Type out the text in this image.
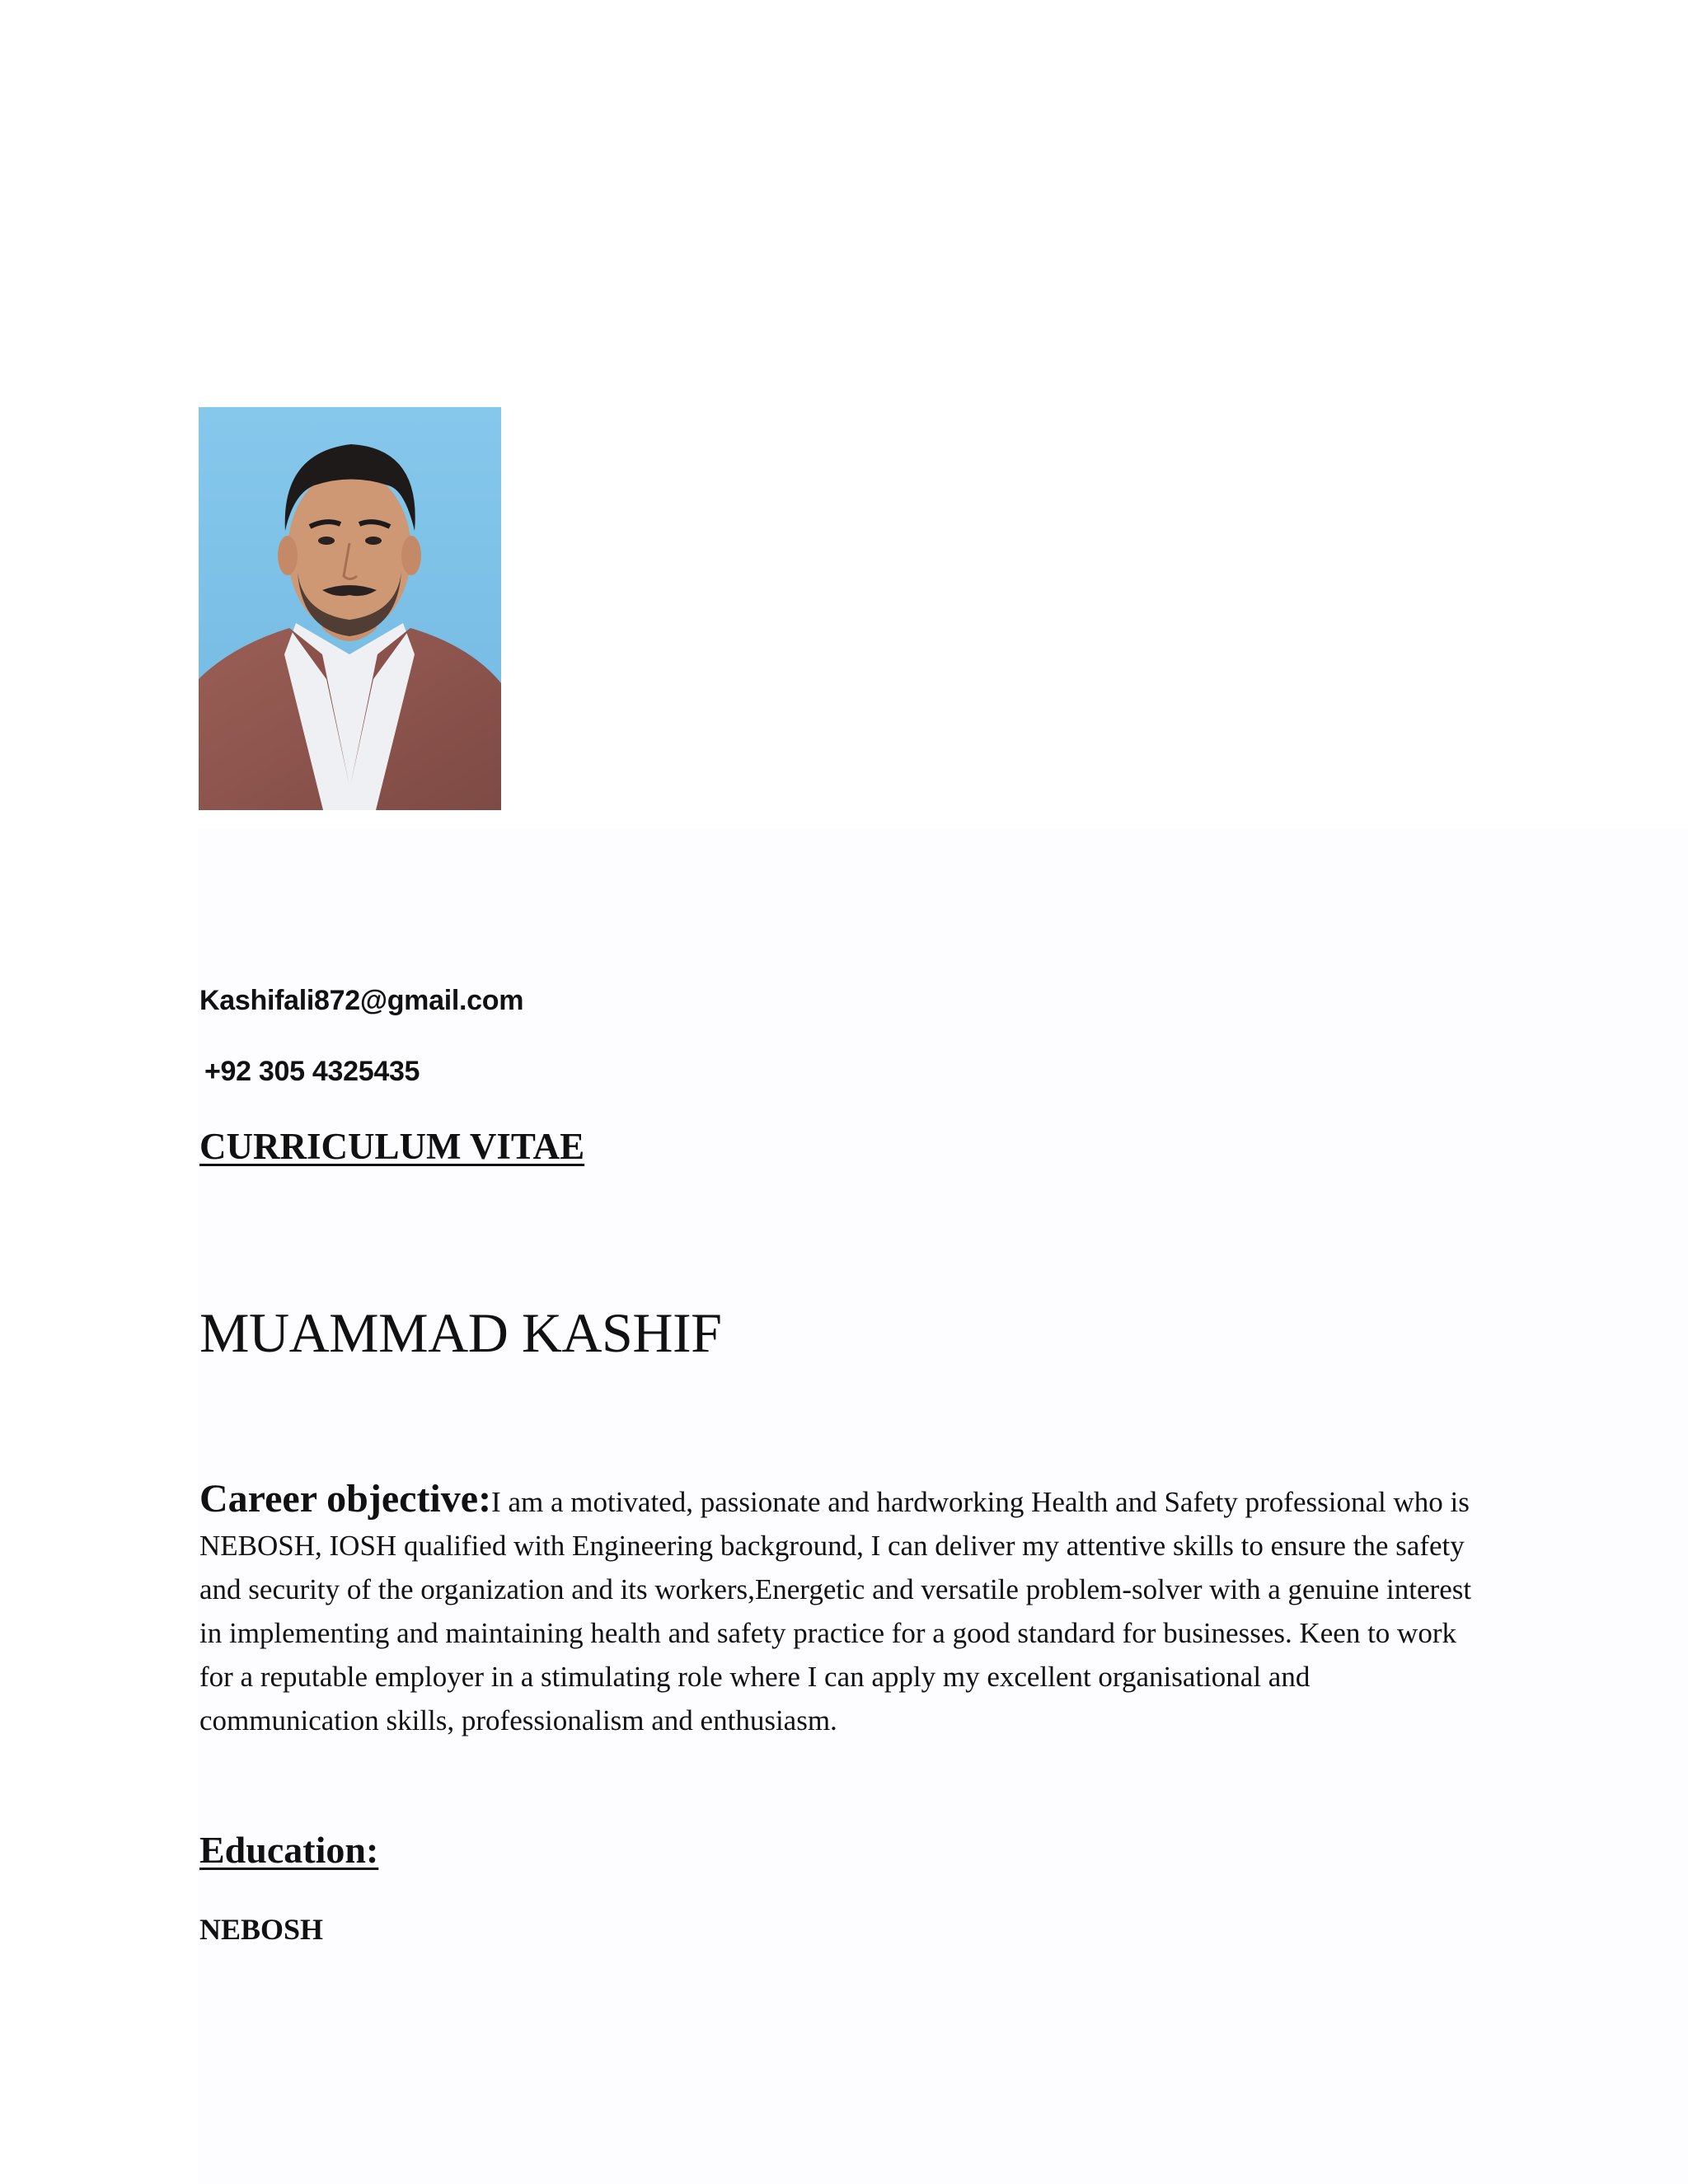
Kashifali872@gmail.com
+92 305 4325435
CURRICULUM VITAE
MUAMMAD KASHIF

Career objective:I am a motivated, passionate and hardworking Health and Safety professional who is NEBOSH, IOSH qualified with Engineering background, I can deliver my attentive skills to ensure the safety and security of the organization and its workers,Energetic and versatile problem-solver with a genuine interest in implementing and maintaining health and safety practice for a good standard for businesses. Keen to work for a reputable employer in a stimulating role where I can apply my excellent organisational and communication skills, professionalism and enthusiasm.

Education:

NEBOSH
